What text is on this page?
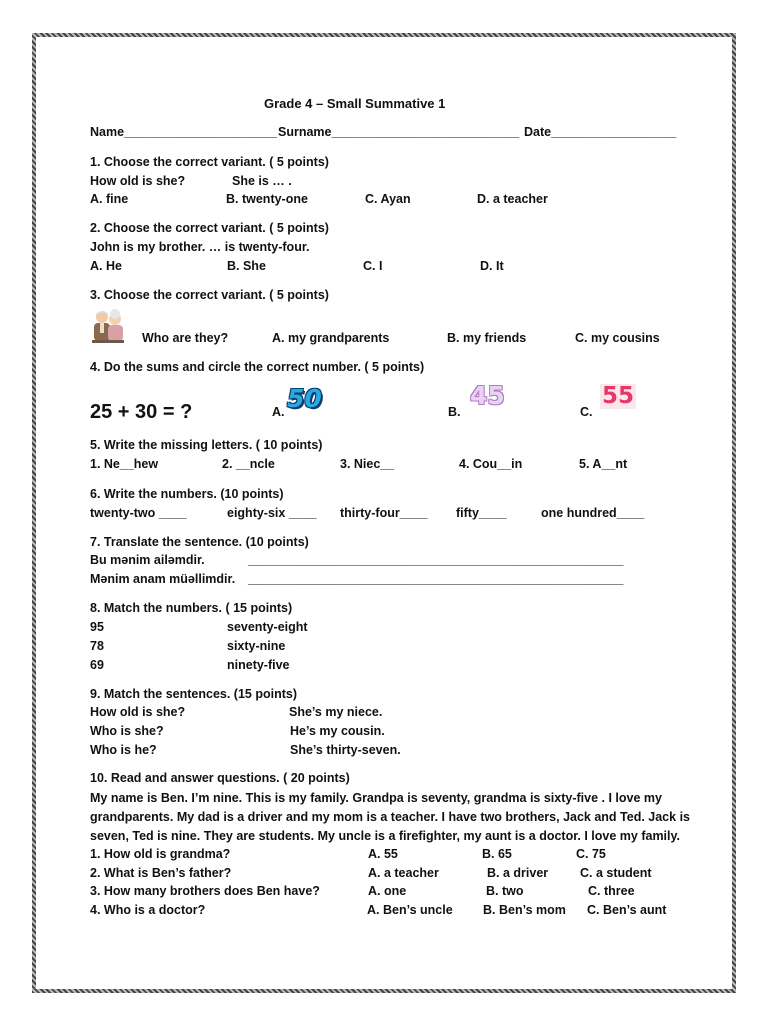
Grade 4 – Small Summative 1
Name______________________ Surname___________________________ Date__________________
1. Choose the correct variant. ( 5 points)
How old is she?	She is … .
A. fine	B. twenty-one	C. Ayan	D. a teacher
2. Choose the correct variant. ( 5 points)
John is my brother. … is twenty-four.
A. He	B. She	C. I	D. It
3. Choose the correct variant. ( 5 points)
Who are they?	A. my grandparents	B. my friends	C. my cousins
4. Do the sums and circle the correct number. ( 5 points)
25 + 30 = ?	A. 50	B.
45
C.
55
5. Write the missing letters. ( 10 points)
1. Ne__hew	2. __ncle	3. Niec__	4. Cou__in	5. A__nt
6. Write the numbers. (10 points)
twenty-two ____	eighty-six ____ thirty-four____ fifty____	one hundred____
7. Translate the sentence. (10 points)
Bu mənim ailəmdir.	______________________________________________________
Mənim anam müəllimdir. ______________________________________________________
8. Match the numbers. ( 15 points)
95	seventy-eight
78	sixty-nine
69	ninety-five
9. Match the sentences. (15 points)
How old is she?	She’s my niece.
Who is she?	He’s my cousin.
Who is he?	She’s thirty-seven.
10. Read and answer questions. ( 20 points)
My name is Ben. I’m nine. This is my family. Grandpa is seventy, grandma is sixty-five . I love my grandparents. My dad is a driver and my mom is a teacher. I have two brothers, Jack and Ted. Jack is seven, Ted is nine. They are students. My uncle is a firefighter, my aunt is a doctor. I love my family.
1. How old is grandma?	A. 55	B. 65	C. 75
2. What is Ben’s father?	A. a teacher	B. a driver	C. a student
3. How many brothers does Ben have?	A. one	B. two	C. three
4. Who is a doctor?	A. Ben’s uncle B. Ben’s mom C. Ben’s aunt
